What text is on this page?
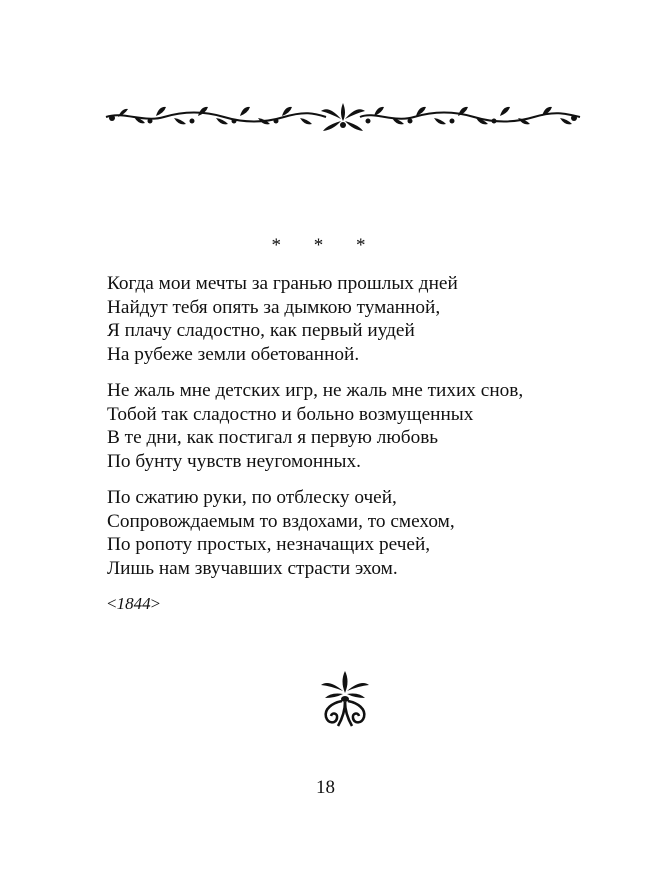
* * *
Когда мои мечты за гранью прошлых дней
Найдут тебя опять за дымкою туманной,
Я плачу сладостно, как первый иудей
На рубеже земли обетованной.
Не жаль мне детских игр, не жаль мне тихих снов,
Тобой так сладостно и больно возмущенных
В те дни, как постигал я первую любовь
По бунту чувств неугомонных.
По сжатию руки, по отблеску очей,
Сопровождаемым то вздохами, то смехом,
По ропоту простых, незначащих речей,
Лишь нам звучавших страсти эхом.
<1844>
18
